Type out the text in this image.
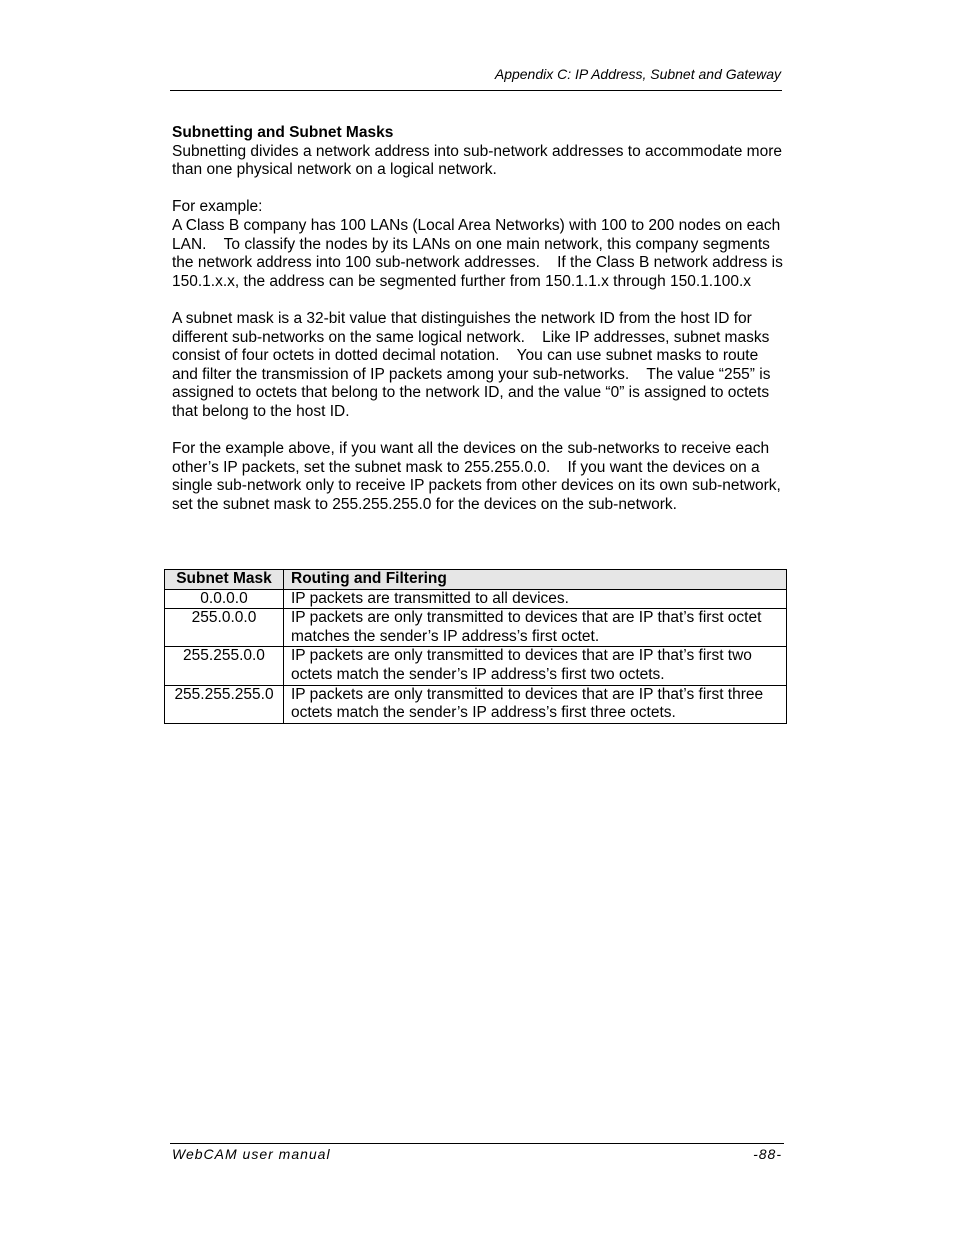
Appendix C: IP Address, Subnet and Gateway
Subnetting and Subnet Masks

Subnetting divides a network address into sub-network addresses to accommodate more than one physical network on a logical network.

For example:

A Class B company has 100 LANs (Local Area Networks) with 100 to 200 nodes on each LAN.    To classify the nodes by its LANs on one main network, this company segments the network address into 100 sub-network addresses.    If the Class B network address is 150.1.x.x, the address can be segmented further from 150.1.1.x through 150.1.100.x

A subnet mask is a 32-bit value that distinguishes the network ID from the host ID for different sub-networks on the same logical network.    Like IP addresses, subnet masks consist of four octets in dotted decimal notation.    You can use subnet masks to route and filter the transmission of IP packets among your sub-networks.    The value “255” is assigned to octets that belong to the network ID, and the value “0” is assigned to octets that belong to the host ID.

For the example above, if you want all the devices on the sub-networks to receive each other’s IP packets, set the subnet mask to 255.255.0.0.    If you want the devices on a single sub-network only to receive IP packets from other devices on its own sub-network, set the subnet mask to 255.255.255.0 for the devices on the sub-network.

Subnet Mask	Routing and Filtering
0.0.0.0	IP packets are transmitted to all devices.
255.0.0.0	IP packets are only transmitted to devices that are IP that’s first octet matches the sender’s IP address’s first octet.
255.255.0.0	IP packets are only transmitted to devices that are IP that’s first two octets match the sender’s IP address’s first two octets.
255.255.255.0	IP packets are only transmitted to devices that are IP that’s first three octets match the sender’s IP address’s first three octets.
WebCAM user manual	-88-
